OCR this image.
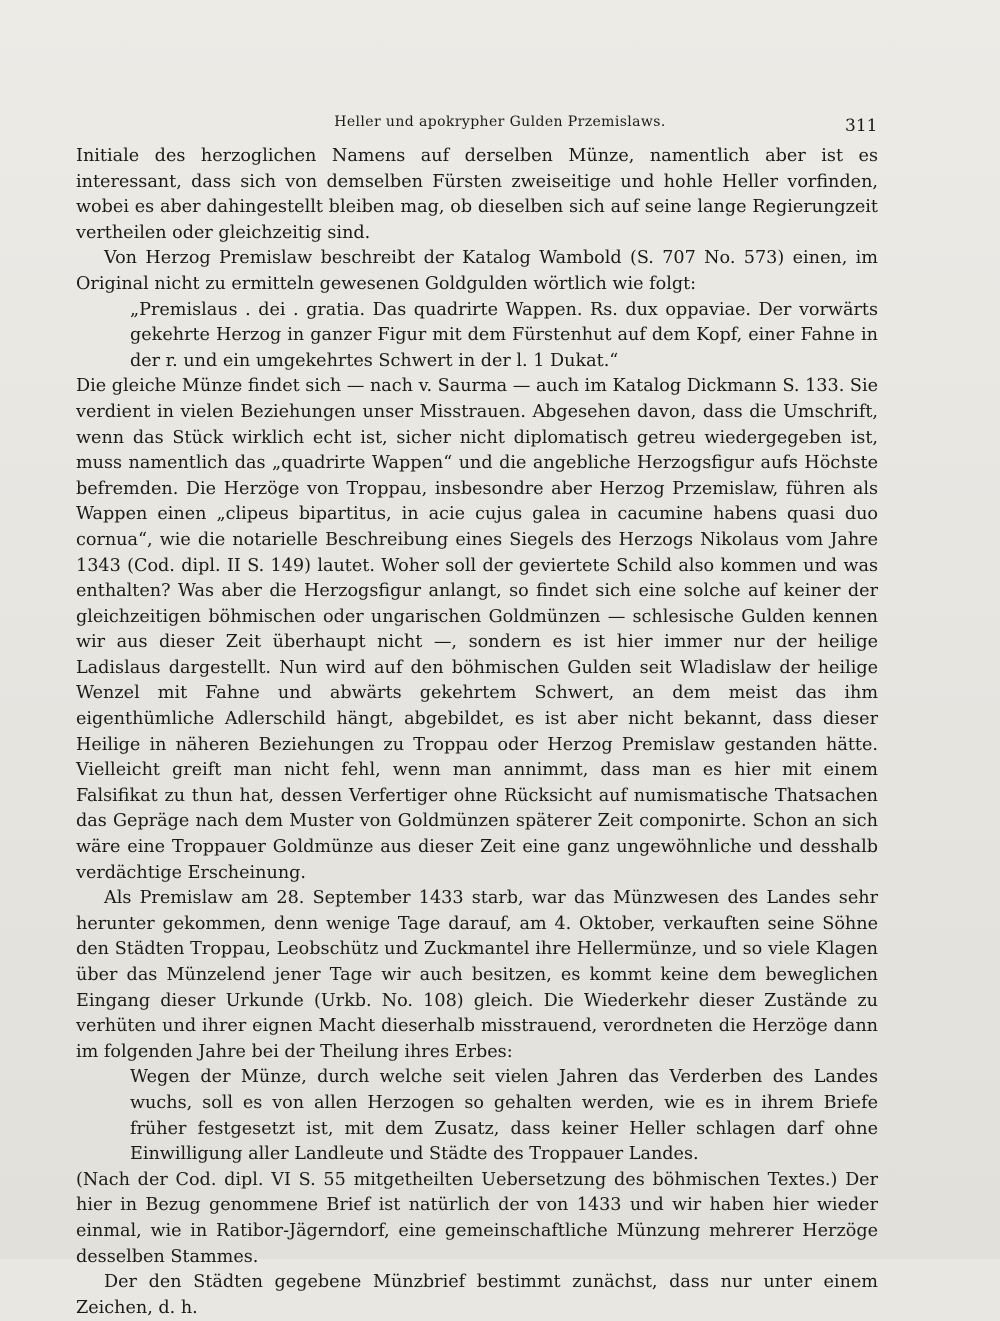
Heller und apokrypher Gulden Przemislaws.	311

Initiale des herzoglichen Namens auf derselben Münze, namentlich aber ist es interessant, dass sich von demselben Fürsten zweiseitige und hohle Heller vorfinden, wobei es aber dahingestellt bleiben mag, ob dieselben sich auf seine lange Regierungzeit vertheilen oder gleichzeitig sind.

Von Herzog Premislaw beschreibt der Katalog Wambold (S. 707 No. 573) einen, im Original nicht zu ermitteln gewesenen Goldgulden wörtlich wie folgt:

„Premislaus . dei . gratia. Das quadrirte Wappen. Rs. dux oppaviae. Der vorwärts gekehrte Herzog in ganzer Figur mit dem Fürstenhut auf dem Kopf, einer Fahne in der r. und ein umgekehrtes Schwert in der l. 1 Dukat.“

Die gleiche Münze findet sich — nach v. Saurma — auch im Katalog Dickmann S. 133. Sie verdient in vielen Beziehungen unser Misstrauen. Abgesehen davon, dass die Umschrift, wenn das Stück wirklich echt ist, sicher nicht diplomatisch getreu wiedergegeben ist, muss namentlich das „quadrirte Wappen“ und die angebliche Herzogsfigur aufs Höchste befremden. Die Herzöge von Troppau, insbesondre aber Herzog Przemislaw, führen als Wappen einen „clipeus bipartitus, in acie cujus galea in cacumine habens quasi duo cornua“, wie die notarielle Beschreibung eines Siegels des Herzogs Nikolaus vom Jahre 1343 (Cod. dipl. II S. 149) lautet. Woher soll der geviertete Schild also kommen und was enthalten? Was aber die Herzogsfigur anlangt, so findet sich eine solche auf keiner der gleichzeitigen böhmischen oder ungarischen Goldmünzen — schlesische Gulden kennen wir aus dieser Zeit überhaupt nicht —, sondern es ist hier immer nur der heilige Ladislaus dargestellt. Nun wird auf den böhmischen Gulden seit Wladislaw der heilige Wenzel mit Fahne und abwärts gekehrtem Schwert, an dem meist das ihm eigenthümliche Adlerschild hängt, abgebildet, es ist aber nicht bekannt, dass dieser Heilige in näheren Beziehungen zu Troppau oder Herzog Premislaw gestanden hätte. Vielleicht greift man nicht fehl, wenn man annimmt, dass man es hier mit einem Falsifikat zu thun hat, dessen Verfertiger ohne Rücksicht auf numismatische Thatsachen das Gepräge nach dem Muster von Goldmünzen späterer Zeit componirte. Schon an sich wäre eine Troppauer Goldmünze aus dieser Zeit eine ganz ungewöhnliche und desshalb verdächtige Erscheinung.

Als Premislaw am 28. September 1433 starb, war das Münzwesen des Landes sehr herunter gekommen, denn wenige Tage darauf, am 4. Oktober, verkauften seine Söhne den Städten Troppau, Leobschütz und Zuckmantel ihre Hellermünze, und so viele Klagen über das Münzelend jener Tage wir auch besitzen, es kommt keine dem beweglichen Eingang dieser Urkunde (Urkb. No. 108) gleich. Die Wiederkehr dieser Zustände zu verhüten und ihrer eignen Macht dieserhalb misstrauend, verordneten die Herzöge dann im folgenden Jahre bei der Theilung ihres Erbes:

Wegen der Münze, durch welche seit vielen Jahren das Verderben des Landes wuchs, soll es von allen Herzogen so gehalten werden, wie es in ihrem Briefe früher festgesetzt ist, mit dem Zusatz, dass keiner Heller schlagen darf ohne Einwilligung aller Landleute und Städte des Troppauer Landes.

(Nach der Cod. dipl. VI S. 55 mitgetheilten Uebersetzung des böhmischen Textes.) Der hier in Bezug genommene Brief ist natürlich der von 1433 und wir haben hier wieder einmal, wie in Ratibor-Jägerndorf, eine gemeinschaftliche Münzung mehrerer Herzöge desselben Stammes.

Der den Städten gegebene Münzbrief bestimmt zunächst, dass nur unter einem Zeichen, d. h.
